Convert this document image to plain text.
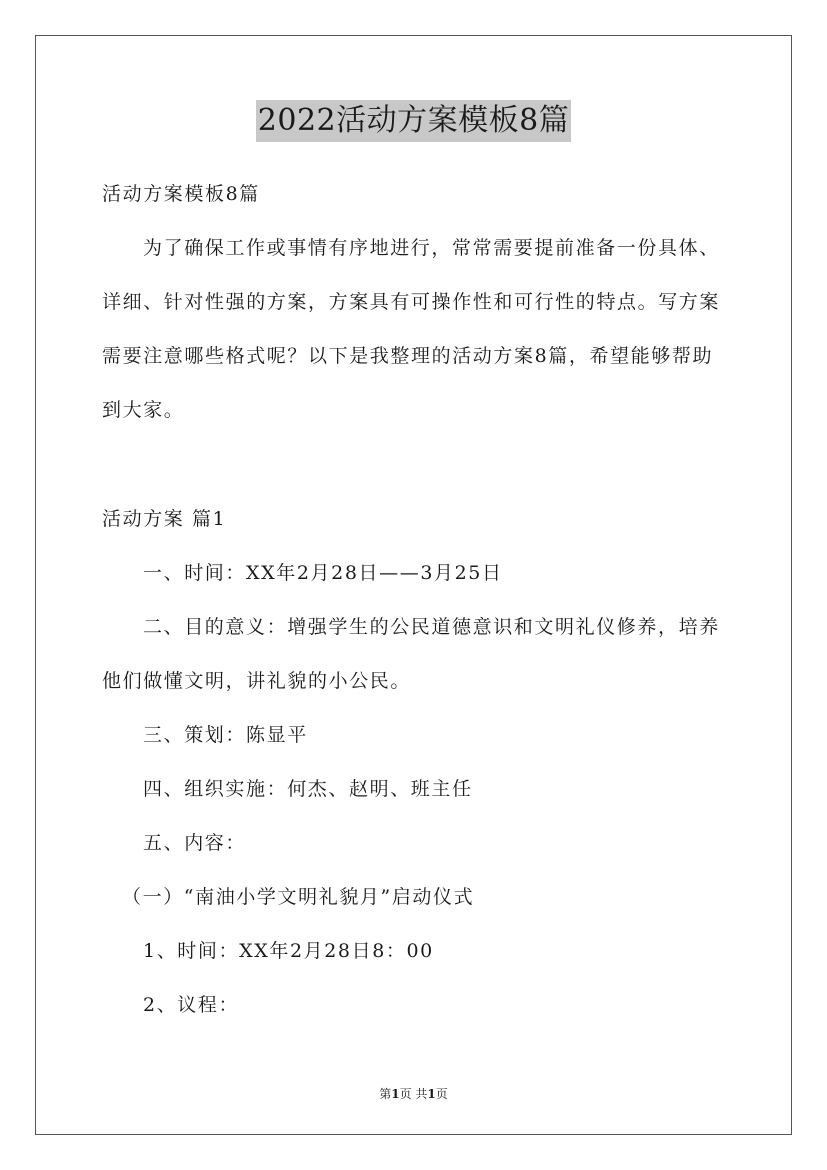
2022活动方案模板8篇
活动方案模板8篇
为了确保工作或事情有序地进行，常常需要提前准备一份具体、
详细、针对性强的方案，方案具有可操作性和可行性的特点。写方案
需要注意哪些格式呢？以下是我整理的活动方案8篇，希望能够帮助
到大家。
活动方案 篇1
一、时间：XX年2月28日——3月25日
二、目的意义：增强学生的公民道德意识和文明礼仪修养，培养
他们做懂文明，讲礼貌的小公民。
三、策划：陈显平
四、组织实施：何杰、赵明、班主任
五、内容：
（一）“南油小学文明礼貌月”启动仪式
1、时间：XX年2月28日8：00
2、议程：
第1页 共1页
